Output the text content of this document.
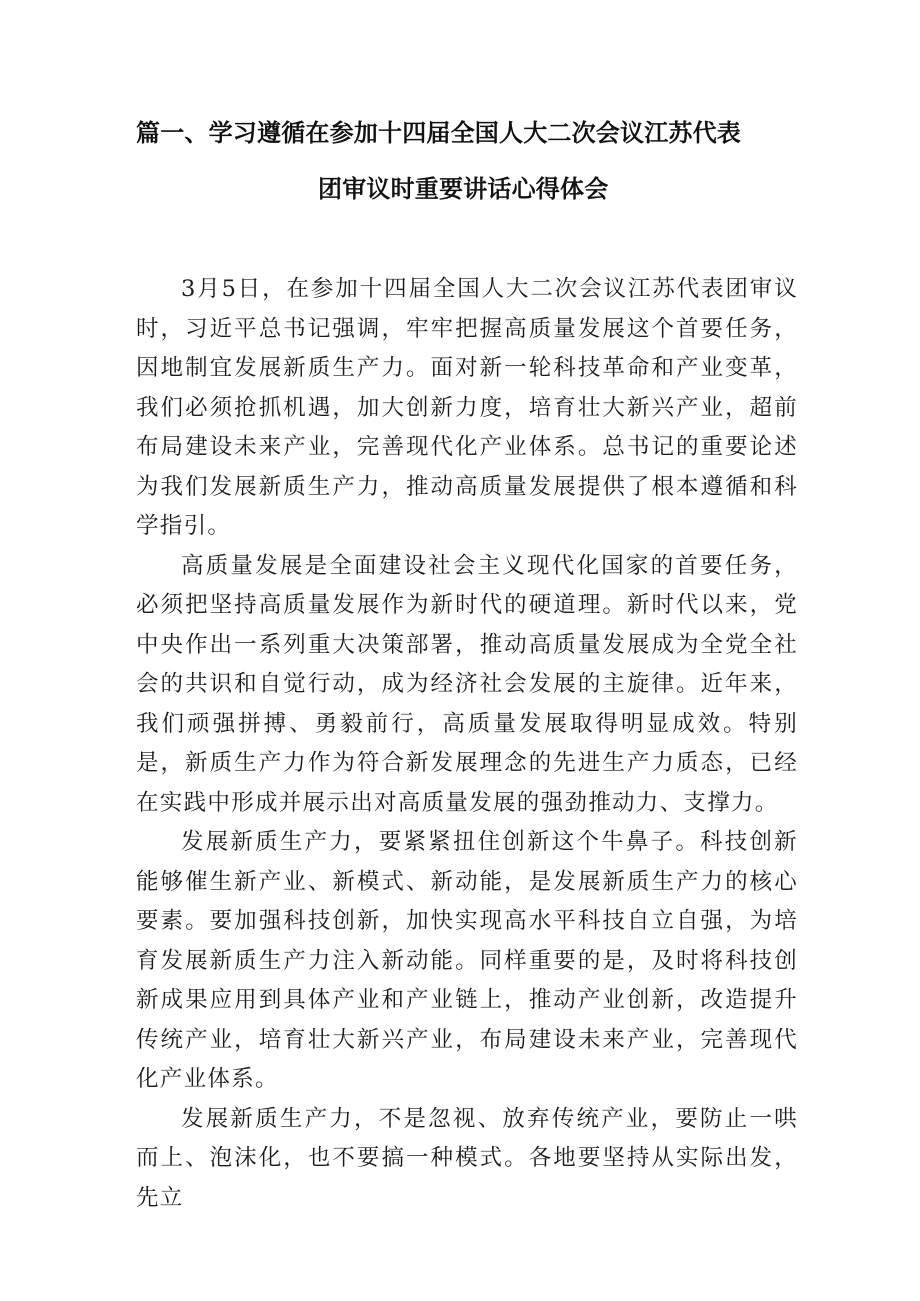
篇一、学习遵循在参加十四届全国人大二次会议江苏代表
团审议时重要讲话心得体会

3月5日，在参加十四届全国人大二次会议江苏代表团审议时，习近平总书记强调，牢牢把握高质量发展这个首要任务，因地制宜发展新质生产力。面对新一轮科技革命和产业变革，我们必须抢抓机遇，加大创新力度，培育壮大新兴产业，超前布局建设未来产业，完善现代化产业体系。总书记的重要论述为我们发展新质生产力，推动高质量发展提供了根本遵循和科学指引。

高质量发展是全面建设社会主义现代化国家的首要任务，必须把坚持高质量发展作为新时代的硬道理。新时代以来，党中央作出一系列重大决策部署，推动高质量发展成为全党全社会的共识和自觉行动，成为经济社会发展的主旋律。近年来，我们顽强拼搏、勇毅前行，高质量发展取得明显成效。特别是，新质生产力作为符合新发展理念的先进生产力质态，已经在实践中形成并展示出对高质量发展的强劲推动力、支撑力。

发展新质生产力，要紧紧扭住创新这个牛鼻子。科技创新能够催生新产业、新模式、新动能，是发展新质生产力的核心要素。要加强科技创新，加快实现高水平科技自立自强，为培育发展新质生产力注入新动能。同样重要的是，及时将科技创新成果应用到具体产业和产业链上，推动产业创新，改造提升传统产业，培育壮大新兴产业，布局建设未来产业，完善现代化产业体系。

发展新质生产力，不是忽视、放弃传统产业，要防止一哄而上、泡沫化，也不要搞一种模式。各地要坚持从实际出发，先立
